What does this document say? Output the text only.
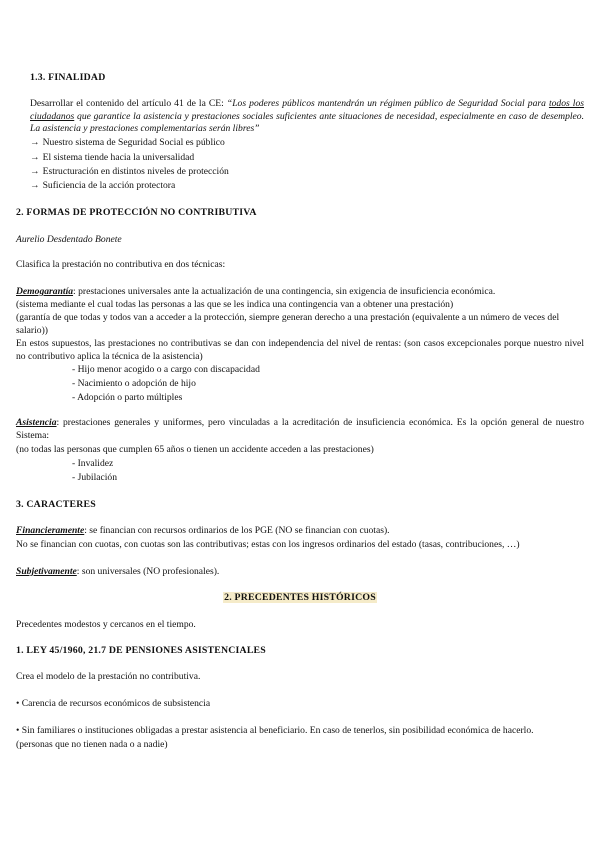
1.3. FINALIDAD
Desarrollar el contenido del artículo 41 de la CE: “Los poderes públicos mantendrán un régimen público de Seguridad Social para todos los ciudadanos que garantice la asistencia y prestaciones sociales suficientes ante situaciones de necesidad, especialmente en caso de desempleo. La asistencia y prestaciones complementarias serán libres”
→ Nuestro sistema de Seguridad Social es público
→ El sistema tiende hacia la universalidad
→ Estructuración en distintos niveles de protección
→ Suficiencia de la acción protectora
2. FORMAS DE PROTECCIÓN NO CONTRIBUTIVA
Aurelio Desdentado Bonete
Clasifica la prestación no contributiva en dos técnicas:
Demogarantía: prestaciones universales ante la actualización de una contingencia, sin exigencia de insuficiencia económica.
(sistema mediante el cual todas las personas a las que se les indica una contingencia van a obtener una prestación)
(garantía de que todas y todos van a acceder a la protección, siempre generan derecho a una prestación (equivalente a un número de veces del salario))
En estos supuestos, las prestaciones no contributivas se dan con independencia del nivel de rentas: (son casos excepcionales porque nuestro nivel no contributivo aplica la técnica de la asistencia)
- Hijo menor acogido o a cargo con discapacidad
- Nacimiento o adopción de hijo
- Adopción o parto múltiples
Asistencia: prestaciones generales y uniformes, pero vinculadas a la acreditación de insuficiencia económica. Es la opción general de nuestro Sistema:
(no todas las personas que cumplen 65 años o tienen un accidente acceden a las prestaciones)
- Invalidez
- Jubilación
3. CARACTERES
Financieramente: se financian con recursos ordinarios de los PGE (NO se financian con cuotas).
No se financian con cuotas, con cuotas son las contributivas; estas con los ingresos ordinarios del estado (tasas, contribuciones, …)
Subjetivamente: son universales (NO profesionales).
2. PRECEDENTES HISTÓRICOS
Precedentes modestos y cercanos en el tiempo.
1. LEY 45/1960, 21.7 DE PENSIONES ASISTENCIALES
Crea el modelo de la prestación no contributiva.
• Carencia de recursos económicos de subsistencia
• Sin familiares o instituciones obligadas a prestar asistencia al beneficiario. En caso de tenerlos, sin posibilidad económica de hacerlo.
(personas que no tienen nada o a nadie)
